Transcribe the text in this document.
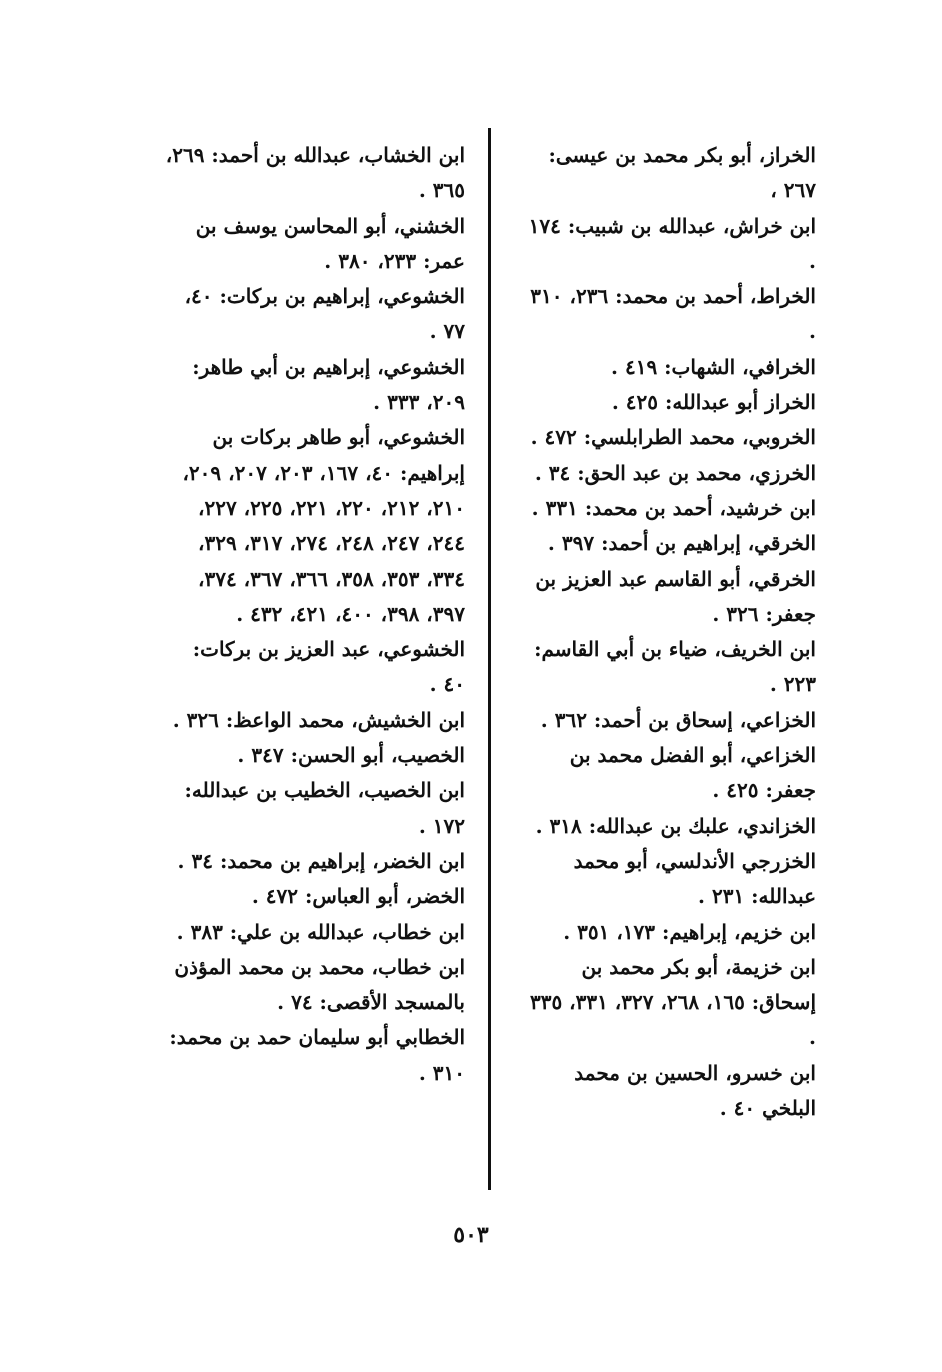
الخراز، أبو بكر محمد بن عيسى: ٢٦٧ ،
ابن خراش، عبدالله بن شبيب: ١٧٤ .
الخراط، أحمد بن محمد: ٢٣٦، ٣١٠ .
الخرافي، الشهاب: ٤١٩ .
الخراز أبو عبدالله: ٤٢٥ .
الخروبي، محمد الطرابلسي: ٤٧٢ .
الخرزي، محمد بن عبد الحق: ٣٤ .
ابن خرشيد، أحمد بن محمد: ٣٣١ .
الخرقي، إبراهيم بن أحمد: ٣٩٧ .
الخرقي، أبو القاسم عبد العزيز بن جعفر: ٣٢٦ .
ابن الخريف، ضياء بن أبي القاسم: ٢٢٣ .
الخزاعي، إسحاق بن أحمد: ٣٦٢ .
الخزاعي، أبو الفضل محمد بن جعفر: ٤٢٥ .
الخزاندي، علبك بن عبدالله: ٣١٨ .
الخزرجي الأندلسي، أبو محمد عبدالله: ٢٣١ .
ابن خزيم، إبراهيم: ١٧٣، ٣٥١ .
ابن خزيمة، أبو بكر محمد بن إسحاق: ١٦٥، ٢٦٨، ٣٢٧، ٣٣١، ٣٣٥ .
ابن خسرو، الحسين بن محمد البلخي ٤٠ .
ابن الخشاب، عبدالله بن أحمد: ٢٦٩، ٣٦٥ .
الخشني، أبو المحاسن يوسف بن عمر: ٢٣٣، ٣٨٠ .
الخشوعي، إبراهيم بن بركات: ٤٠، ٧٧ .
الخشوعي، إبراهيم بن أبي طاهر: ٢٠٩، ٣٣٣ .
الخشوعي، أبو طاهر بركات بن إبراهيم: ٤٠، ١٦٧، ٢٠٣، ٢٠٧، ٢٠٩، ٢١٠، ٢١٢، ٢٢٠، ٢٢١، ٢٢٥، ٢٢٧، ٢٤٤، ٢٤٧، ٢٤٨، ٢٧٤، ٣١٧، ٣٢٩، ٣٣٤، ٣٥٣، ٣٥٨، ٣٦٦، ٣٦٧، ٣٧٤، ٣٩٧، ٣٩٨، ٤٠٠، ٤٢١، ٤٣٢ .
الخشوعي، عبد العزيز بن بركات: ٤٠ .
ابن الخشيش، محمد الواعظ: ٣٢٦ .
الخصيب، أبو الحسن: ٣٤٧ .
ابن الخصيب، الخطيب بن عبدالله: ١٧٢ .
ابن الخضر، إبراهيم بن محمد: ٣٤ .
الخضر، أبو العباس: ٤٧٢ .
ابن خطاب، عبدالله بن علي: ٣٨٣ .
ابن خطاب، محمد بن محمد المؤذن بالمسجد الأقصى: ٧٤ .
الخطابي أبو سليمان حمد بن محمد: ٣١٠ .
٥٠٣
